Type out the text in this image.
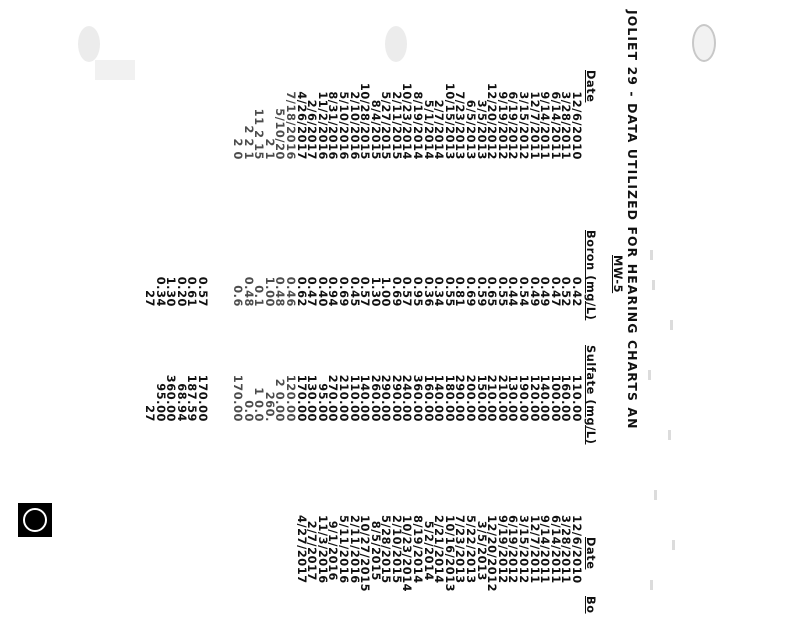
JOLIET 29 - DATA UTILIZED FOR HEARING CHARTS AN
MW-5
Date
Boron (mg/L)
Sulfate (mg/L)
Date
Bo
12/6/2010
3/28/2011
6/14/2011
9/14/2011
12/7/2011
3/15/2012
6/19/2012
9/19/2012
12/20/2012
3/5/2013
6/5/2013
7/23/2013
10/15/2013
2/7/2014
5/1/2014
8/19/2014
10/23/2014
2/11/2015
5/27/2015
8/4/2015
10/28/2015
2/10/2016
5/10/2016
8/31/2016
11/2/2016
2/6/2017
4/26/2017
7/18/2016
5/10/20
2 1
11 2 15
2 2 1
2 0
0.42
0.52
0.47
0.49
0.49
0.54
0.44
0.55
0.65
0.59
0.69
0.81
0.55
0.34
0.36
0.95
0.57
0.69
1.00
1.30
0.57
0.45
0.69
0.94
0.40
0.47
0.62
0.46
0.48
1.00
0.1
0.48
0.6
110.00
160.00
100.00
140.00
120.00
190.00
130.00
210.00
210.00
150.00
200.00
290.00
180.00
140.00
160.00
360.00
240.00
290.00
290.00
260.00
140.00
110.00
210.00
270.00
95.00
130.00
170.00
120.00
2 0.00
260.
1 0.0
0.0
170.00
0.57
0.61
0.20
1.30
0.34
27
170.00
187.59
68.94
360.00
95.00
27
12/6/2010
3/28/2011
6/14/2011
9/14/2011
12/7/2011
3/15/2012
6/19/2012
9/19/2012
12/20/2012
3/5/2013
5/22/2013
7/23/2013
10/16/2013
2/21/2014
5/2/2014
8/19/2014
10/23/2014
2/10/2015
5/28/2015
8/5/2015
10/27/2015
2/11/2016
5/11/2016
9/1/2016
11/3/2016
2/7/2017
4/27/2017
